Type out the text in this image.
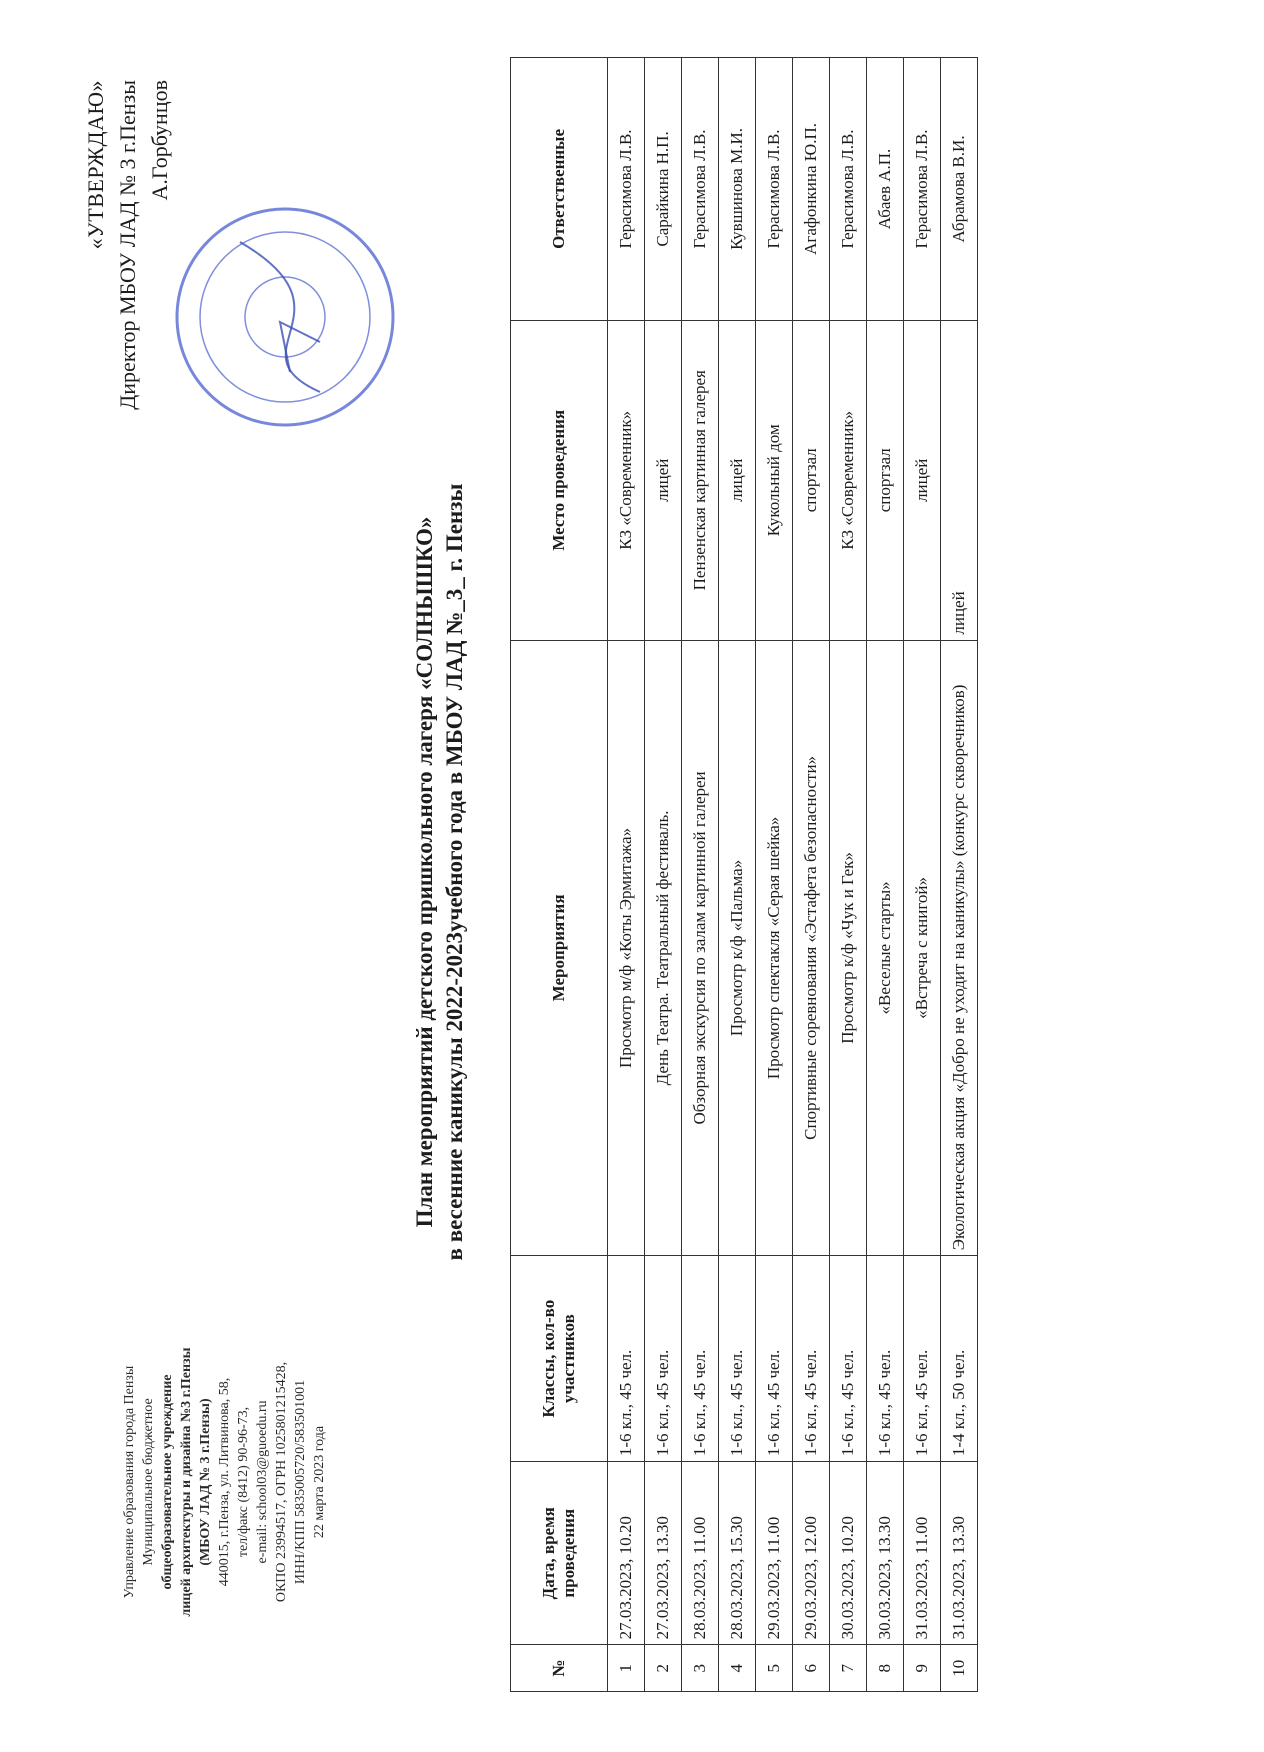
Управление образования города Пензы Муниципальное бюджетное общеобразовательное учреждение лицей архитектуры и дизайна №3 г.Пензы (МБОУ ЛАД № 3 г.Пензы) 440015, г.Пенза, ул. Литвинова, 58, тел/факс (8412) 90-96-73, e-mail: school03@guoedu.ru ОКПО 23994517, ОГРН 1025801215428, ИНН/КПП 5835005720/583501001 22 марта 2023 года
«УТВЕРЖДАЮ» Директор МБОУ ЛАД № 3 г.Пензы А.Горбунцов
План мероприятий детского пришкольного лагеря «СОЛНЫШКО» в весенние каникулы 2022-2023учебного года в МБОУ ЛАД №_3_ г. Пензы
№	Дата, время проведения	Классы, кол-во участников	Мероприятия	Место проведения	Ответственные
1	27.03.2023, 10.20	1-6 кл., 45 чел.	Просмотр м/ф «Коты Эрмитажа»	КЗ «Современник»	Герасимова Л.В.
2	27.03.2023, 13.30	1-6 кл., 45 чел.	День Театра. Театральный фестиваль.	лицей	Сарайкина Н.П.
3	28.03.2023, 11.00	1-6 кл., 45 чел.	Обзорная экскурсия по залам картинной галереи	Пензенская картинная галерея	Герасимова Л.В.
4	28.03.2023, 15.30	1-6 кл., 45 чел.	Просмотр к/ф «Пальма»	лицей	Кувшинова М.И.
5	29.03.2023, 11.00	1-6 кл., 45 чел.	Просмотр спектакля «Серая шейка»	Кукольный дом	Герасимова Л.В.
6	29.03.2023, 12.00	1-6 кл., 45 чел.	Спортивные соревнования «Эстафета безопасности»	спортзал	Агафонкина Ю.П.
7	30.03.2023, 10.20	1-6 кл., 45 чел.	Просмотр к/ф «Чук и Гек»	КЗ «Современник»	Герасимова Л.В.
8	30.03.2023, 13.30	1-6 кл., 45 чел.	«Веселые старты»	спортзал	Абаев А.П.
9	31.03.2023, 11.00	1-6 кл., 45 чел.	«Встреча с книгой»	лицей	Герасимова Л.В.
10	31.03.2023, 13.30	1-4 кл., 50 чел.	Экологическая акция «Добро не уходит на каникулы» (конкурс скворечников)	лицей	Абрамова В.И.
